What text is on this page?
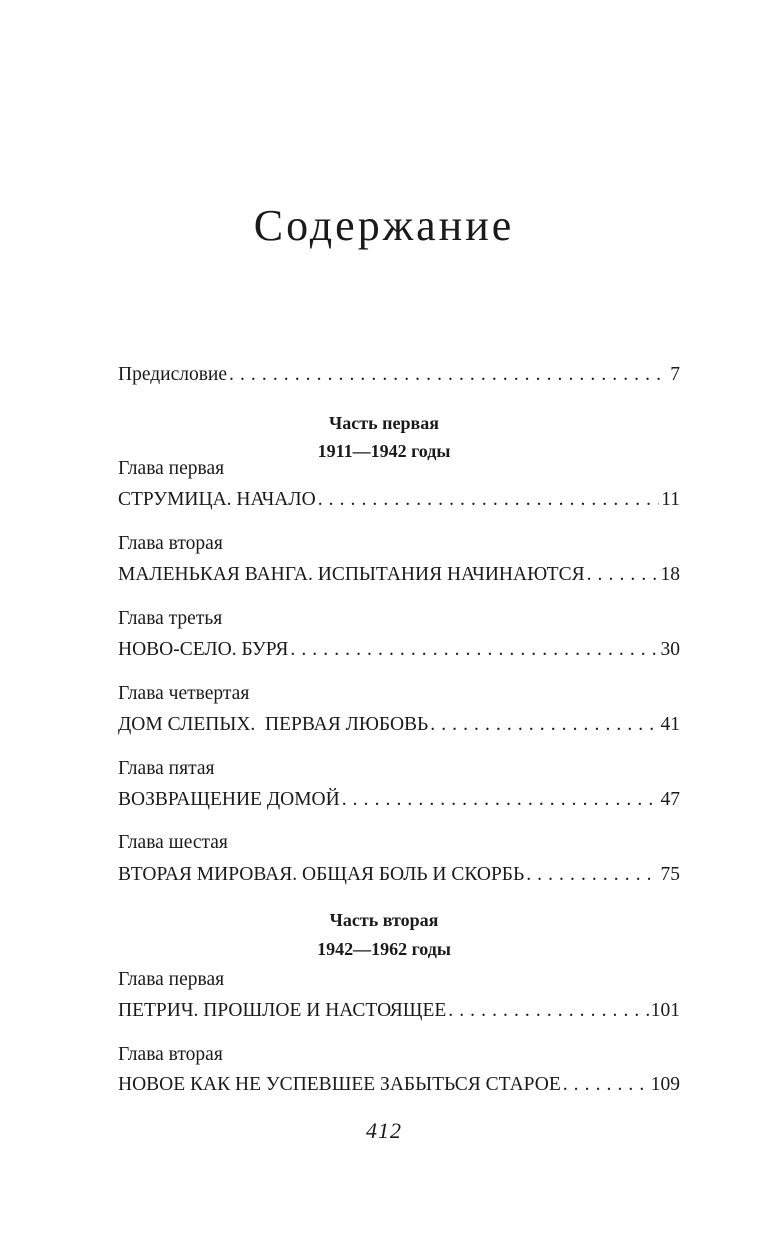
Содержание
Предисловие . . .	7
Часть первая
1911—1942 годы
Глава первая
СТРУМИЦА. НАЧАЛО . . .	11
Глава вторая
МАЛЕНЬКАЯ ВАНГА. ИСПЫТАНИЯ НАЧИНАЮТСЯ . . .	18
Глава третья
НОВО-СЕЛО. БУРЯ . . .	30
Глава четвертая
ДОМ СЛЕПЫХ.  ПЕРВАЯ ЛЮБОВЬ . . .	41
Глава пятая
ВОЗВРАЩЕНИЕ ДОМОЙ . . .	47
Глава шестая
ВТОРАЯ МИРОВАЯ. ОБЩАЯ БОЛЬ И СКОРБЬ . . .	75
Часть вторая
1942—1962 годы
Глава первая
ПЕТРИЧ. ПРОШЛОЕ И НАСТОЯЩЕЕ . . .	101
Глава вторая
НОВОЕ КАК НЕ УСПЕВШЕЕ ЗАБЫТЬСЯ СТАРОЕ . . .	109
412
